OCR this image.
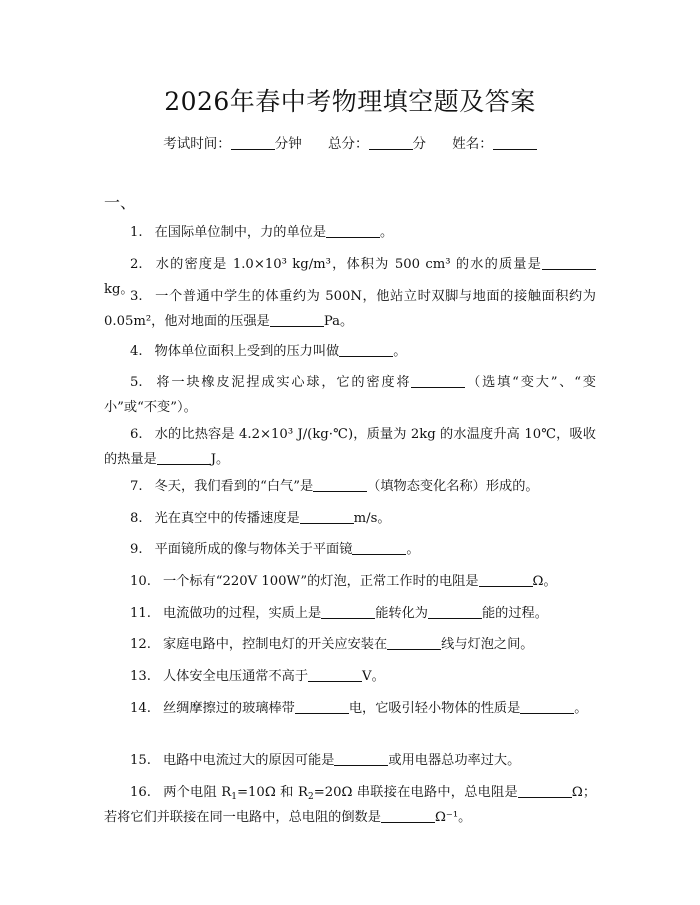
2026年春中考物理填空题及答案
考试时间：	分钟 总分：	分 姓名：
一、
1. 在国际单位制中，力的单位是	。
2. 水的密度是 1.0×10³ kg/m³，体积为 500 cm³ 的水的质量是kg。
3. 一个普通中学生的体重约为 500N，他站立时双脚与地面的接触面积约为 0.05m²，他对地面的压强是	Pa。
4. 物体单位面积上受到的压力叫做	。
5. 将一块橡皮泥捏成实心球，它的密度将	（选填“变大”、“变小”或“不变”）。
6. 水的比热容是 4.2×10³ J/(kg·℃)，质量为 2kg 的水温度升高 10℃，吸收的热量是	J。
7. 冬天，我们看到的“白气”是	（填物态变化名称）形成的。
8. 光在真空中的传播速度是	m/s。
9. 平面镜所成的像与物体关于平面镜	。
10. 一个标有“220V 100W”的灯泡，正常工作时的电阻是	Ω。
11. 电流做功的过程，实质上是	能转化为	能的过程。
12. 家庭电路中，控制电灯的开关应安装在	线与灯泡之间。
13. 人体安全电压通常不高于	V。
14. 丝绸摩擦过的玻璃棒带	电，它吸引轻小物体的性质是	。
15. 电路中电流过大的原因可能是	或用电器总功率过大。
16. 两个电阻 $R_1=10\Omega$ 和 $R_2=20\Omega$ 串联接在电路中，总电阻是	Ω；若将它们并联接在同一电路中，总电阻的倒数是	Ω⁻¹。
